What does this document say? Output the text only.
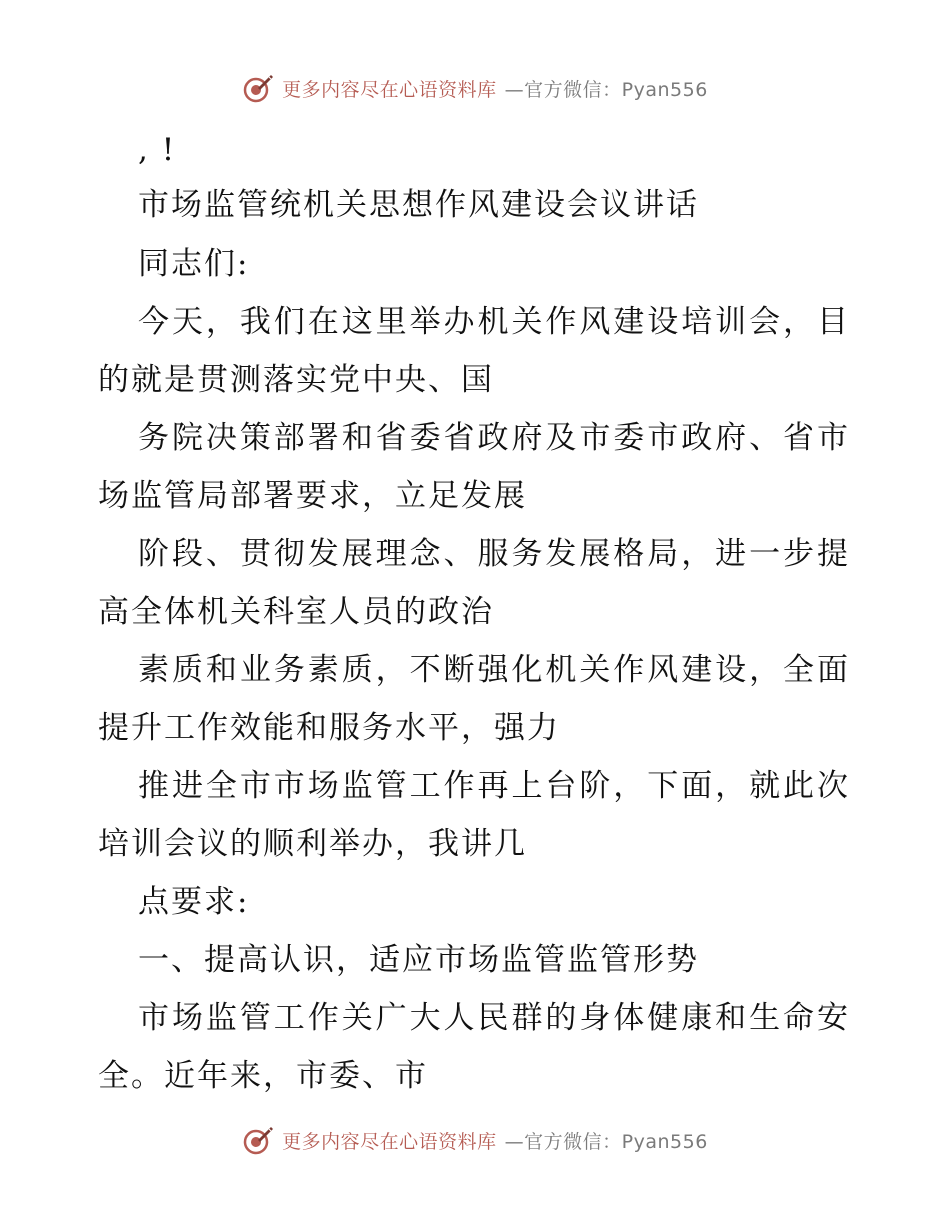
更多内容尽在心语资料库 —官方微信：Pyan556
, !
市场监管统机关思想作风建设会议讲话
同志们:
今天，我们在这里举办机关作风建设培训会，目
的就是贯测落实党中央、国
务院决策部署和省委省政府及市委市政府、省市
场监管局部署要求，立足发展
阶段、贯彻发展理念、服务发展格局，进一步提
高全体机关科室人员的政治
素质和业务素质，不断强化机关作风建设，全面
提升工作效能和服务水平，强力
推进全市市场监管工作再上台阶，下面，就此次
培训会议的顺利举办，我讲几
点要求:
一、提高认识，适应市场监管监管形势
市场监管工作关广大人民群的身体健康和生命安
全。近年来，市委、市
更多内容尽在心语资料库 —官方微信：Pyan556
